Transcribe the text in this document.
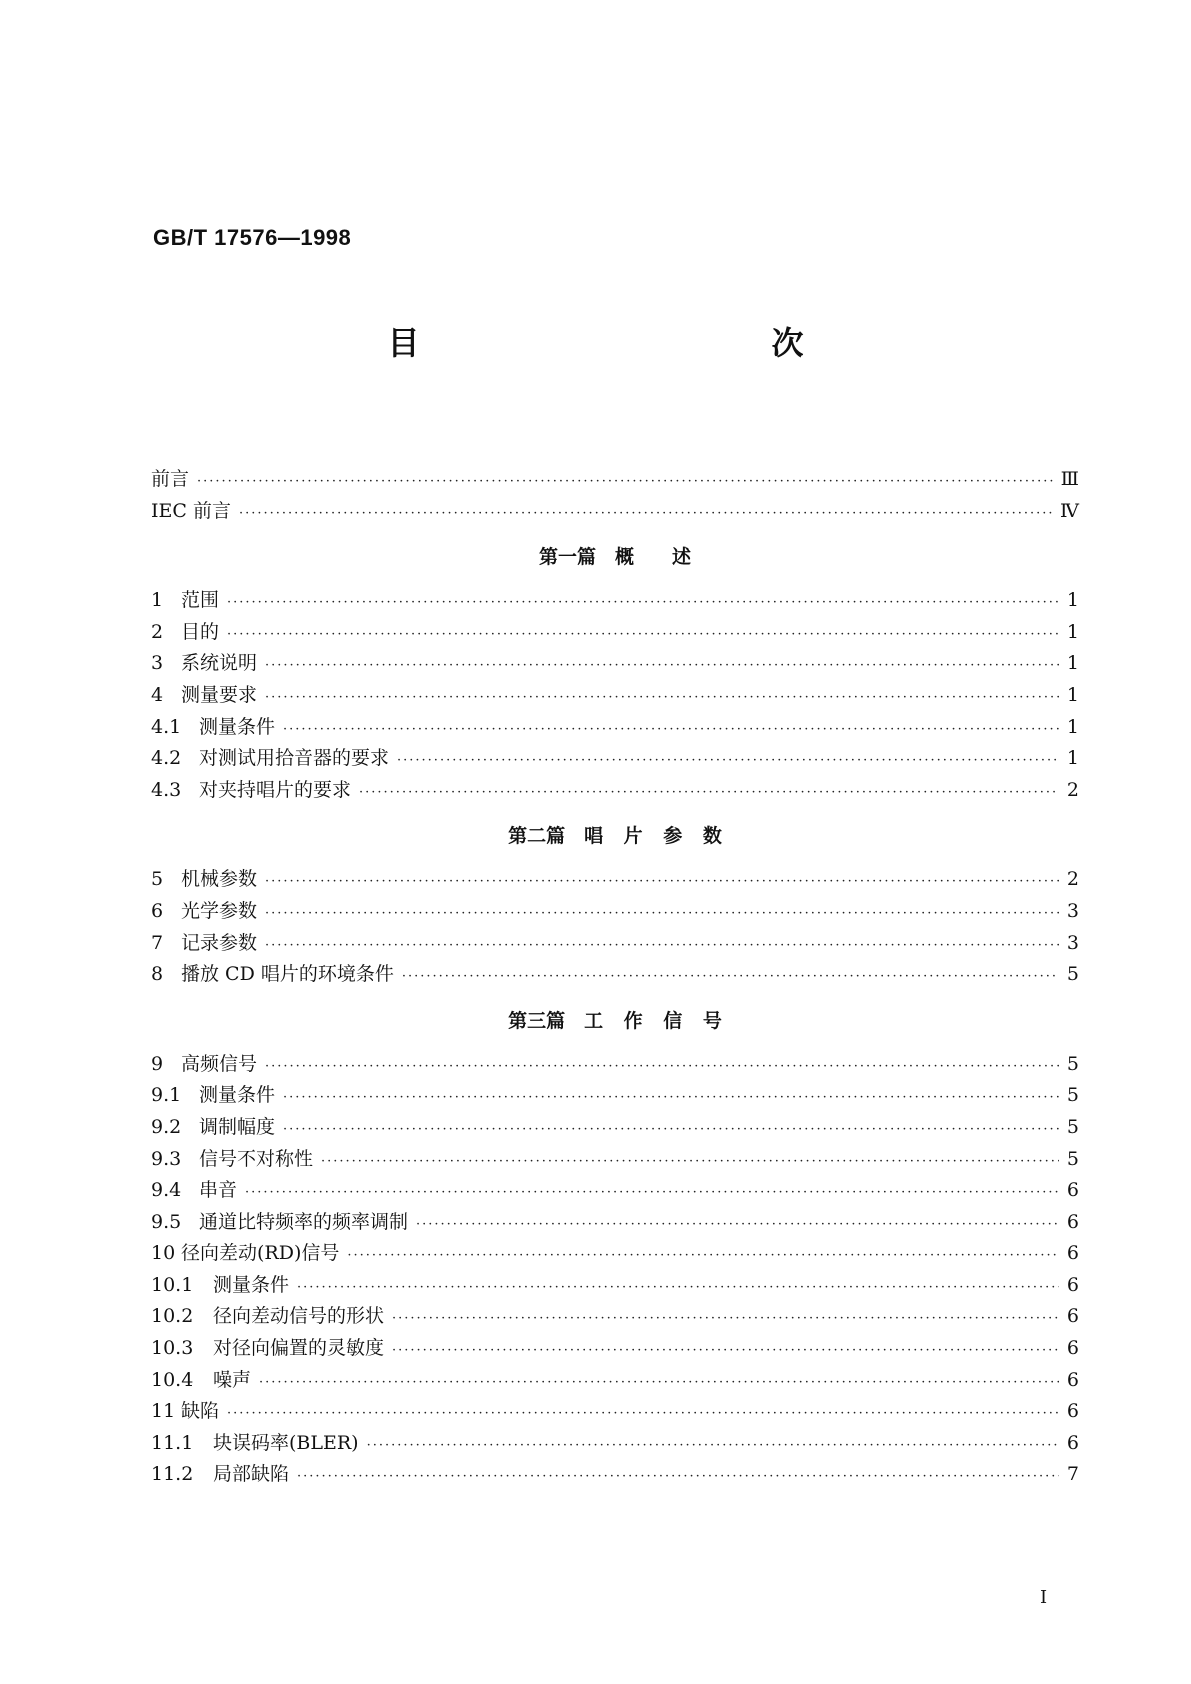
GB/T 17576—1998
目　　次
前言 ·····	Ⅲ
IEC 前言 ·····	Ⅳ
第一篇　概　　述
1 范围 ·····	1
2 目的 ·····	1
3 系统说明 ·····	1
4 测量要求 ·····	1
4.1 测量条件 ·····	1
4.2 对测试用拾音器的要求 ·····	1
4.3 对夹持唱片的要求 ·····	2
第二篇　唱 片 参 数
5 机械参数 ·····	2
6 光学参数 ·····	3
7 记录参数 ·····	3
8 播放 CD 唱片的环境条件 ·····	5
第三篇　工 作 信 号
9 高频信号 ·····	5
9.1 测量条件 ·····	5
9.2 调制幅度 ·····	5
9.3 信号不对称性 ·····	5
9.4 串音 ·····	6
9.5 通道比特频率的频率调制 ·····	6
10 径向差动(RD)信号 ·····	6
10.1	测量条件 ·····	6
10.2	径向差动信号的形状 ·····	6
10.3	对径向偏置的灵敏度 ·····	6
10.4	噪声 ·····	6
11 缺陷 ·····	6
11.1	块误码率(BLER) ·····	6
11.2	局部缺陷 ·····	7
Ⅰ
